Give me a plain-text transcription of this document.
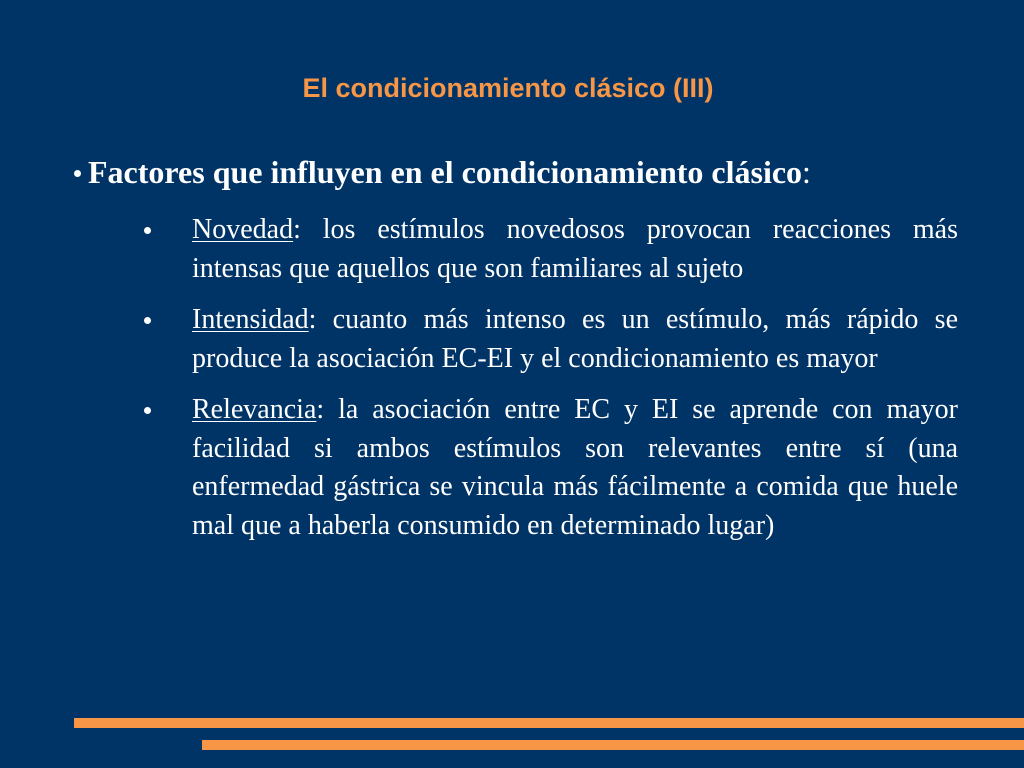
El condicionamiento clásico (III)
Factores que influyen en el condicionamiento clásico:
Novedad: los estímulos novedosos provocan reacciones más intensas que aquellos que son familiares al sujeto
Intensidad: cuanto más intenso es un estímulo, más rápido se produce la asociación EC-EI y el condicionamiento es mayor
Relevancia: la asociación entre EC y EI se aprende con mayor facilidad si ambos estímulos son relevantes entre sí (una enfermedad gástrica se vincula más fácilmente a comida que huele mal que a haberla consumido en determinado lugar)
